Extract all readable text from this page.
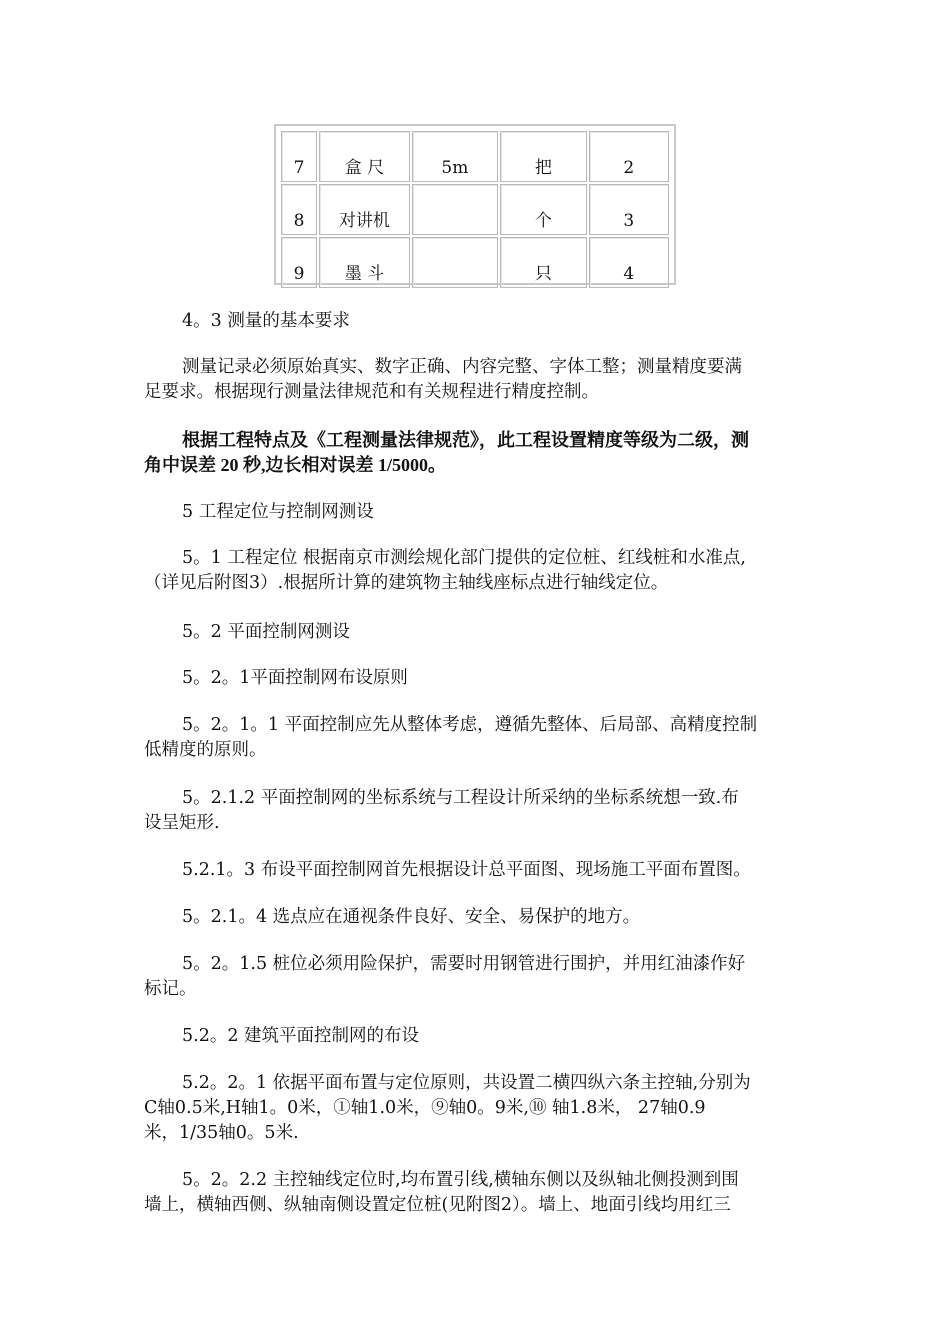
7	盒 尺	5m	把	2
8	对讲机		个	3
9	墨 斗		只	4

4。3 测量的基本要求

测量记录必须原始真实、数字正确、内容完整、字体工整；测量精度要满
足要求。根据现行测量法律规范和有关规程进行精度控制。

根据工程特点及《工程测量法律规范》，此工程设置精度等级为二级，测
角中误差 20 秒,边长相对误差 1/5000。

5 工程定位与控制网测设

5。1 工程定位 根据南京市测绘规化部门提供的定位桩、红线桩和水准点,
（详见后附图3）.根据所计算的建筑物主轴线座标点进行轴线定位。

5。2 平面控制网测设

5。2。1平面控制网布设原则

5。2。1。1 平面控制应先从整体考虑，遵循先整体、后局部、高精度控制
低精度的原则。

5。2.1.2 平面控制网的坐标系统与工程设计所采纳的坐标系统想一致.布
设呈矩形.

5.2.1。3 布设平面控制网首先根据设计总平面图、现场施工平面布置图。

5。2.1。4 选点应在通视条件良好、安全、易保护的地方。

5。2。1.5 桩位必须用险保护，需要时用钢管进行围护，并用红油漆作好
标记。

5.2。2 建筑平面控制网的布设

5.2。2。1 依据平面布置与定位原则，共设置二横四纵六条主控轴,分别为
C轴0.5米,H轴1。0米，①轴1.0米，⑨轴0。9米,⑩ 轴1.8米， 27轴0.9
米，1/35轴0。5米.

5。2。2.2 主控轴线定位时,均布置引线,横轴东侧以及纵轴北侧投测到围
墙上，横轴西侧、纵轴南侧设置定位桩(见附图2）。墙上、地面引线均用红三
